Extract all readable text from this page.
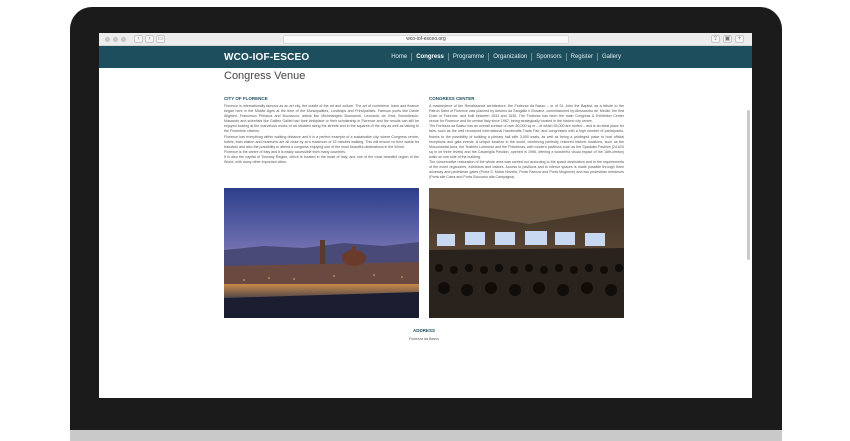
‹	›	▭	wco-iof-esceo.org	⇪	▣	+
WCO-IOF-ESCEO	Home	Congress	Programme	Organization	Sponsors	Register	Gallery
Congress Venue
CITY OF FLORENCE

Florence is internationally famous as an art city, the cradle of the art and culture. The art of commerce, bank and finance began here in the Middle Ages at the time of the Municipalities, Lordships and Principalities. Famous poets like Dante Alighieri, Francesco Petrarca and Boccaccio; artists like Michelangelo Buonarroti, Leonardo da Vinci, Brunelleschi, Masaccio and scientists like Galileo Galilei had their birthplace or their scholarship in Florence and the results can still be enjoyed looking at the marvelous works of art situated along the streets and in the squares of the city as well as talking to the Florentine citizens.

Florence has everything within walking distance and it is a perfect example of a sustainable city, where Congress centre, hotels, train station and museums are all close by at a maximum of 15 minutes walking. This will ensure no time waste for transfers and also the possibility to attend a congress enjoying one of the most beautiful destinations in the World.

Florence is the centre of Italy and it is easily accessible from many countries.

It is also the capital of Tuscany Region, which is located in the heart of Italy, and one of the most beautiful region of the World, with many other important cities.

CONGRESS CENTER

A masterpiece of the Renaissance architecture, the Fortezza da Basso – or of St. John the Baptist, as a tribute to the Patron Saint of Florence was planned by Antonio da Sangallo il Giovane, commissioned by Alessandro de' Medici, the first Duke of Florence, and built between 1534 and 1536. The Fortezza has been the main Congress & Exhibition Center venue for Florence and for central Italy since 1967, being strategically located in the historic city centre.

The Fortezza da Basso has an overall surface of over 80,000 sq m – of which 55,000 are roofed – and is an ideal place for fairs, such as the well renowned International Handicrafts Trade Fair, and congresses with a high number of participants, thanks to the possibility of building a plenary hall with 3,000 seats, as well as being a privileged place to host official receptions and gala events. A unique location in the world, combining perfectly restored historic locations, such as the Monumental Area, the Teatrino Lorenese and the Polverinas, with modern pavilions such as the Spadolini Pavilion (24,620 sq m on three levels) and the Cavaniglia Pavilion, opened in 1996, offering a wonderful visual impact of the 16th-century walls on one side of the building.

The conservative restoration of the whole area was carried out according to the space destination and to the requirements of the event organizers, exhibitors and visitors. Access to pavilions and to interior spaces is made possible through three driveway and pedestrian gates (Porta S. Maria Novella, Porta Faenza and Porta Mugnone) and two pedestrian entrances (Porta alle Carra and Porta Soccorso alla Campagna).

ADDRESS
Fortezza da Basso
